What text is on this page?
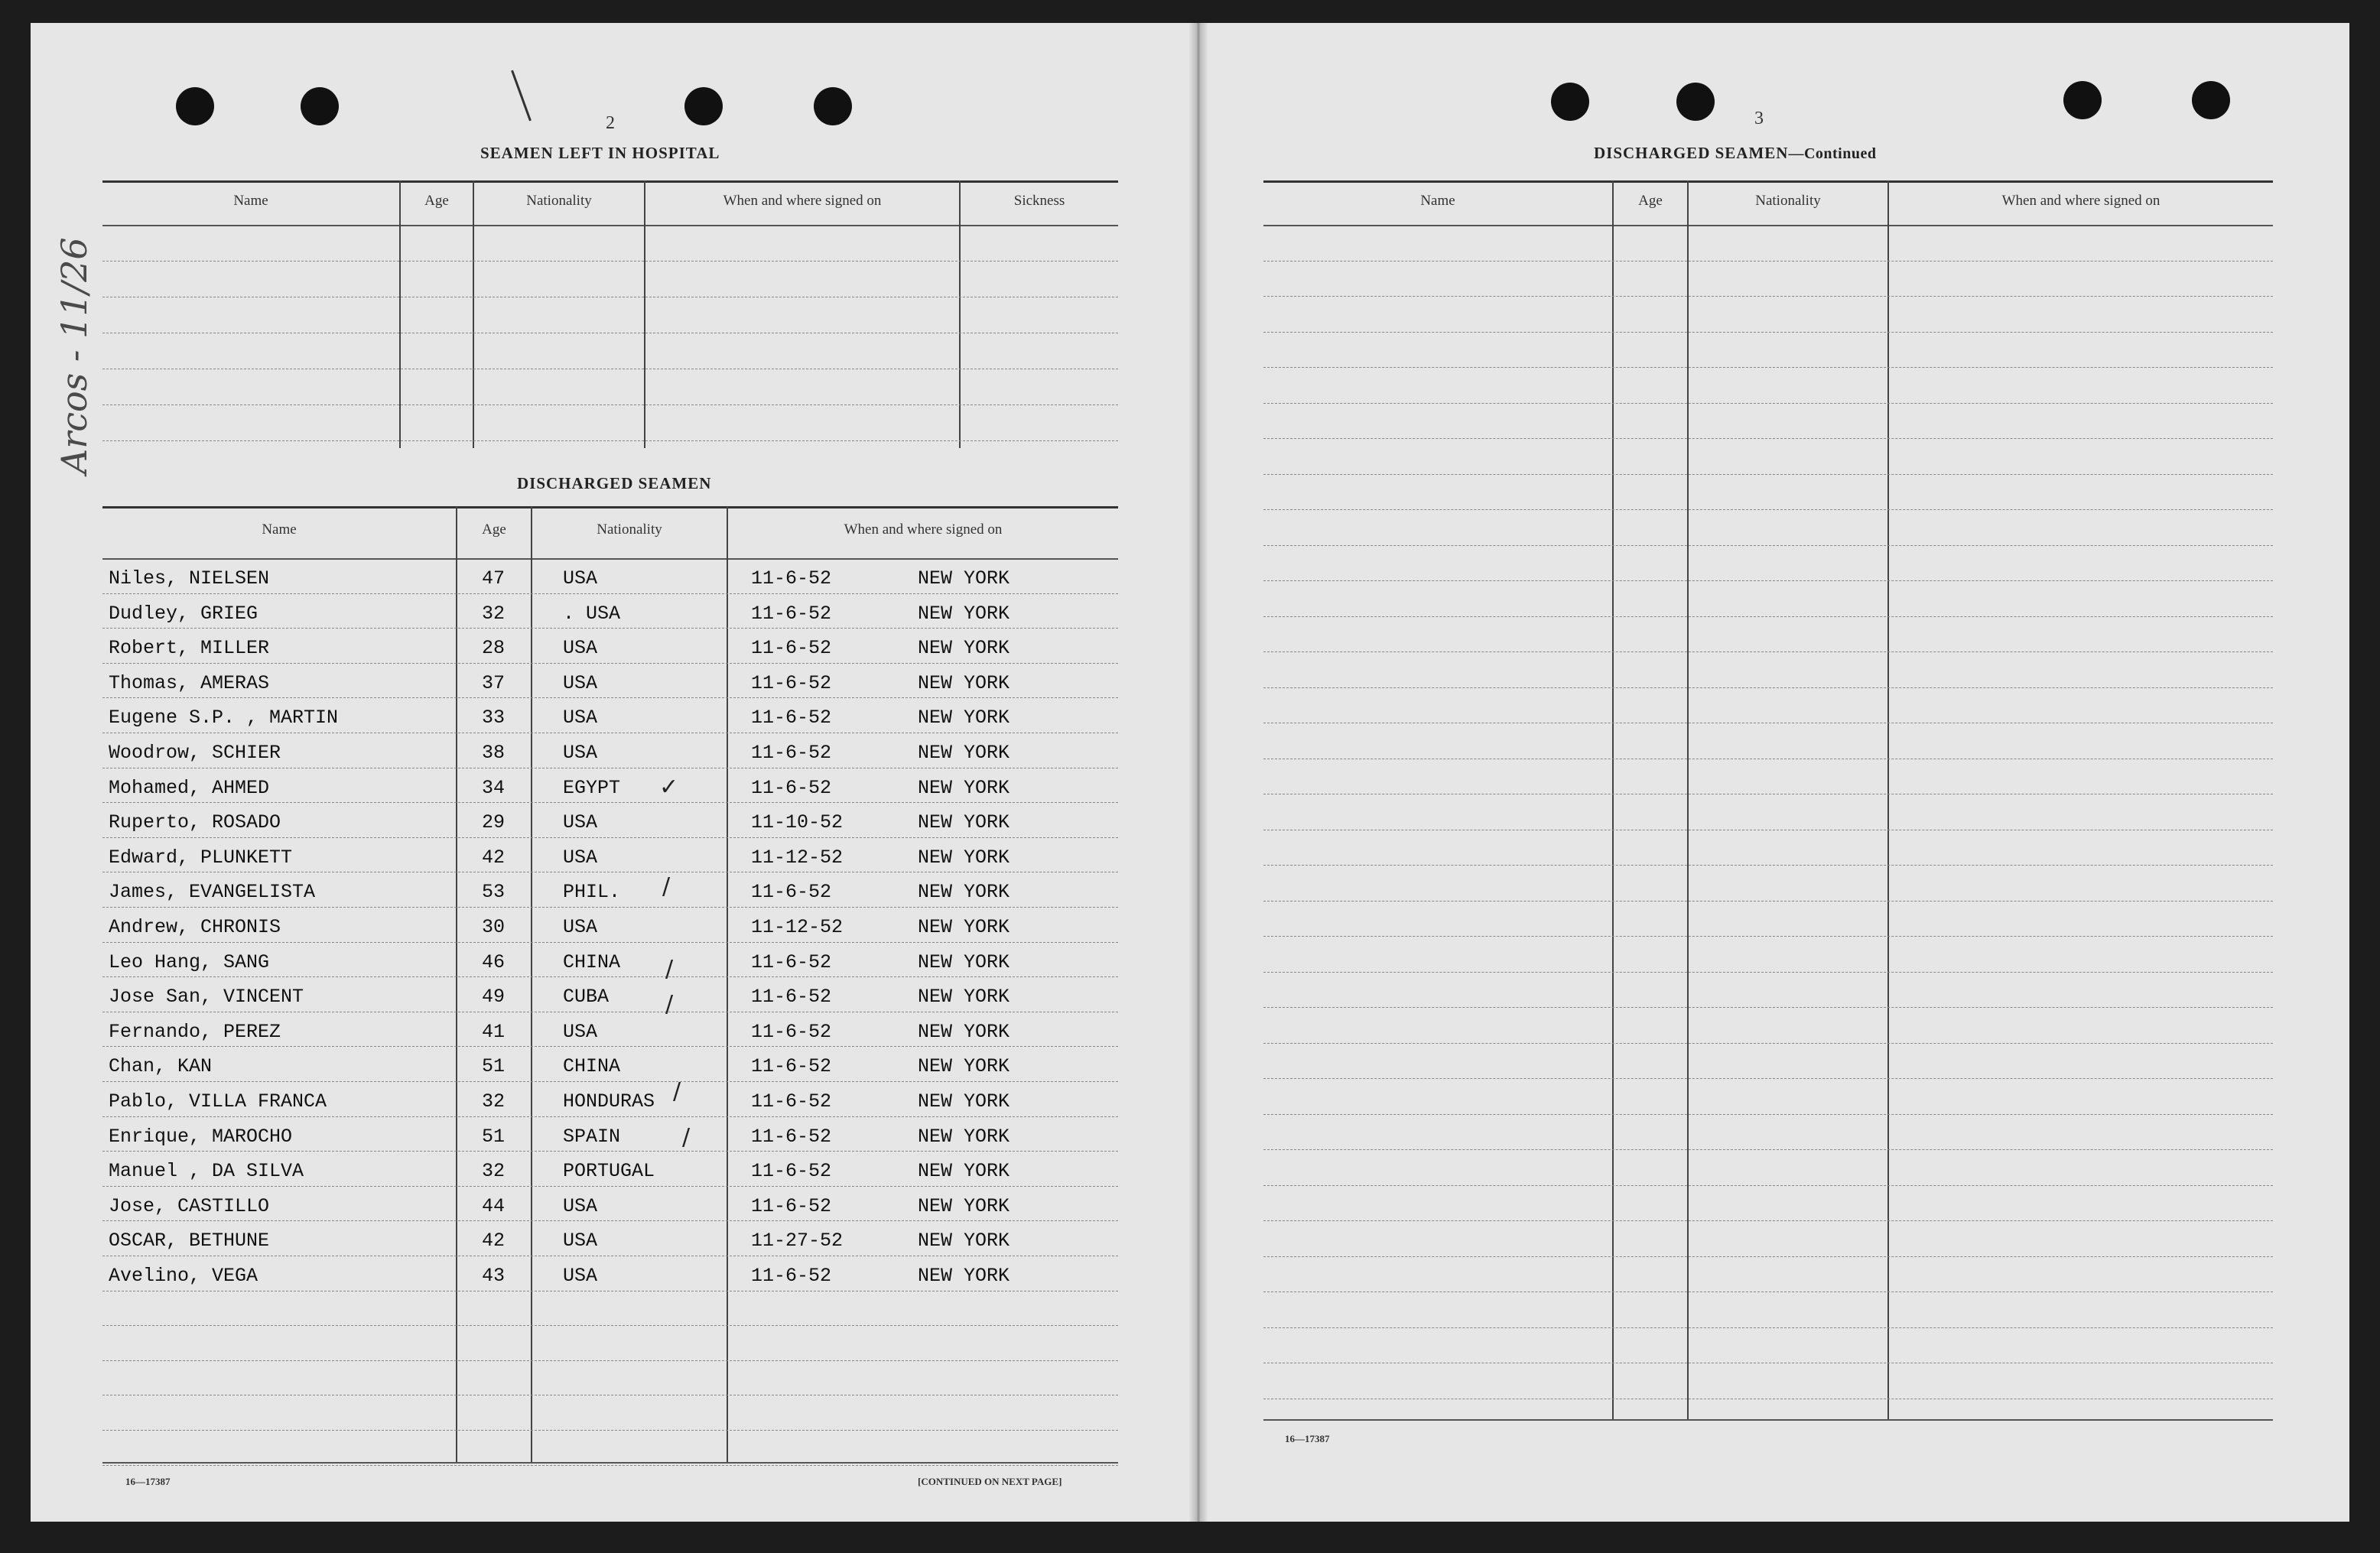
Arcos - 11/26
2
SEAMEN LEFT IN HOSPITAL
Name	Age	Nationality	When and where signed on	Sickness
DISCHARGED SEAMEN
Name	Age	Nationality	When and where signed on
Niles, NIELSEN	47	USA	11-6-52	NEW YORK
Dudley, GRIEG	32	. USA	11-6-52	NEW YORK
Robert, MILLER	28	USA	11-6-52	NEW YORK
Thomas, AMERAS	37	USA	11-6-52	NEW YORK
Eugene S.P. , MARTIN	33	USA	11-6-52	NEW YORK
Woodrow, SCHIER	38	USA	11-6-52	NEW YORK
Mohamed, AHMED	34	EGYPT	11-6-52	NEW YORK
Ruperto, ROSADO	29	USA	11-10-52	NEW YORK
Edward, PLUNKETT	42	USA	11-12-52	NEW YORK
James, EVANGELISTA	53	PHIL.	11-6-52	NEW YORK
Andrew, CHRONIS	30	USA	11-12-52	NEW YORK
Leo Hang, SANG	46	CHINA	11-6-52	NEW YORK
Jose San, VINCENT	49	CUBA	11-6-52	NEW YORK
Fernando, PEREZ	41	USA	11-6-52	NEW YORK
Chan, KAN	51	CHINA	11-6-52	NEW YORK
Pablo, VILLA FRANCA	32	HONDURAS	11-6-52	NEW YORK
Enrique, MAROCHO	51	SPAIN	11-6-52	NEW YORK
Manuel , DA SILVA	32	PORTUGAL	11-6-52	NEW YORK
Jose, CASTILLO	44	USA	11-6-52	NEW YORK
OSCAR, BETHUNE	42	USA	11-27-52	NEW YORK
Avelino, VEGA	43	USA	11-6-52	NEW YORK
✓
/
/
/
/
/
16—17387	[CONTINUED ON NEXT PAGE]
3
DISCHARGED SEAMEN—Continued
Name	Age	Nationality	When and where signed on
16—17387
